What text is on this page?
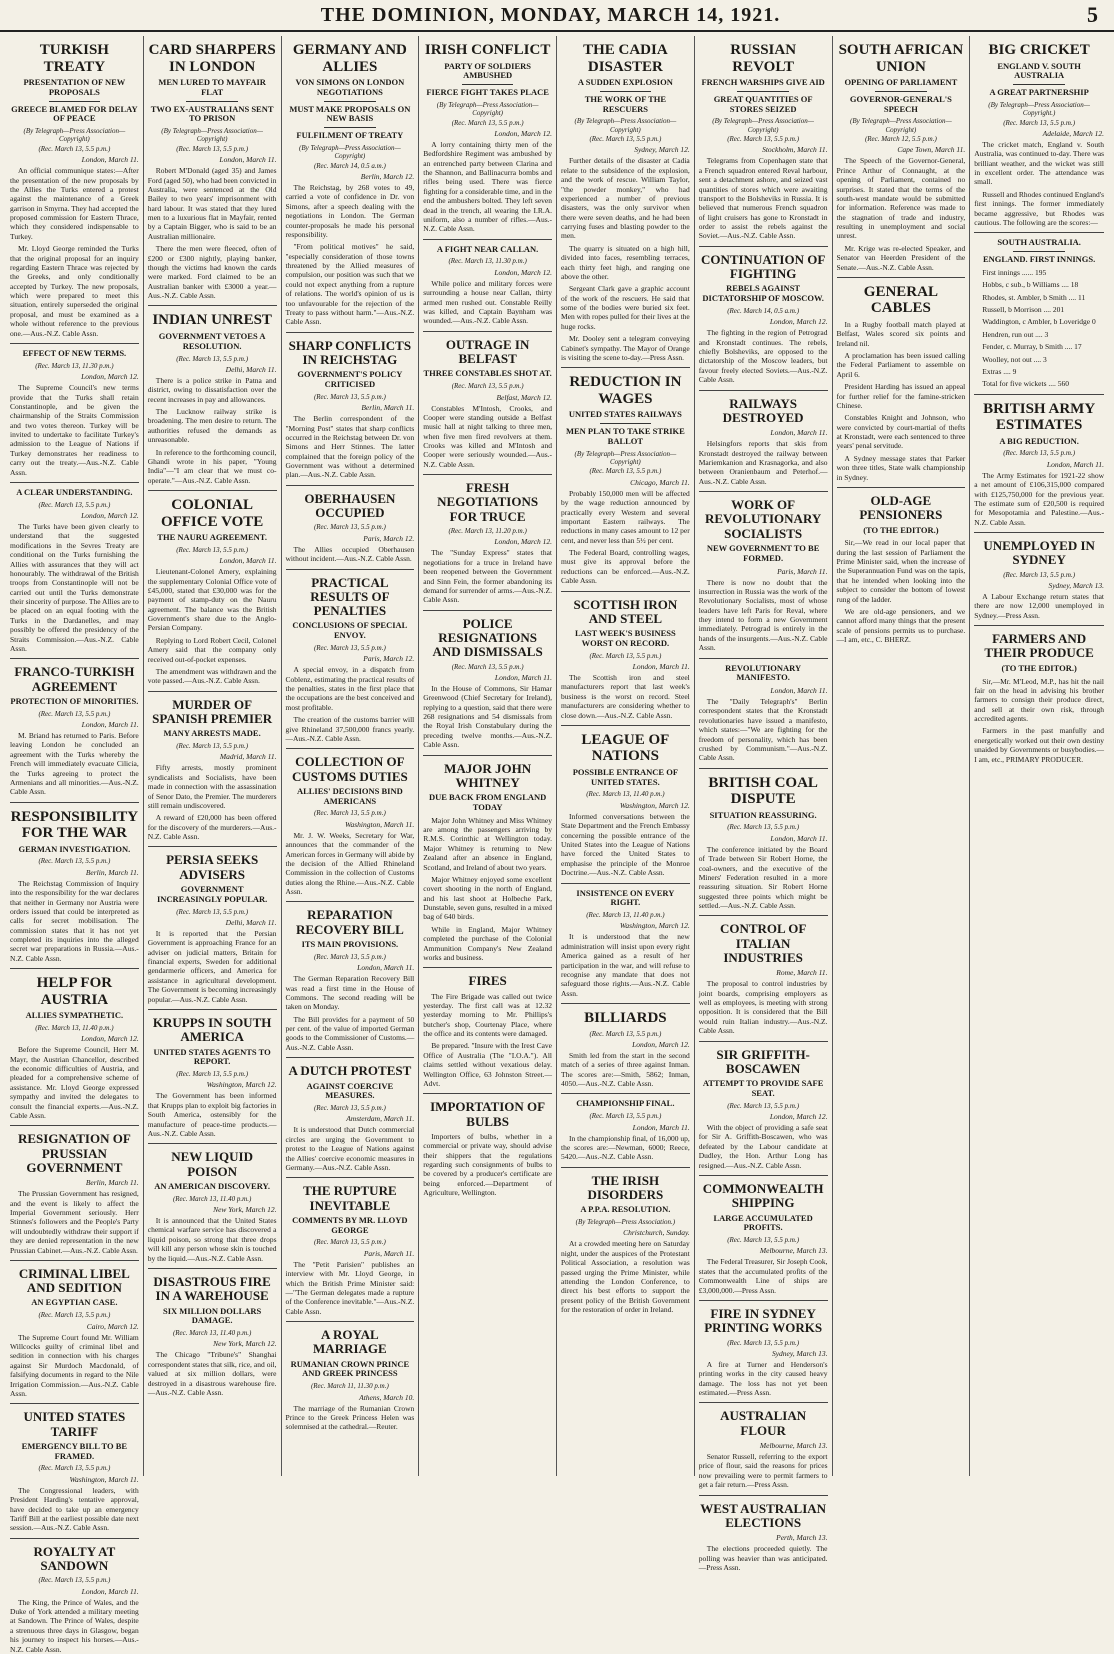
THE DOMINION, MONDAY, MARCH 14, 1921.	5
TURKISH TREATY
PRESENTATION OF NEW PROPOSALS
GREECE BLAMED FOR DELAY OF PEACE
(By Telegraph—Press Association—Copyright)
(Rec. March 13, 5.5 p.m.)
London, March 11.

An official communique states:—After the presentation of the new proposals by the Allies the Turks entered a protest against the maintenance of a Greek garrison in Smyrna. They had accepted the proposed commission for Eastern Thrace, which they considered indispensable to Turkey.

Mr. Lloyd George reminded the Turks that the original proposal for an inquiry regarding Eastern Thrace was rejected by the Greeks, and only conditionally accepted by Turkey. The new proposals, which were prepared to meet this situation, entirely superseded the original proposal, and must be examined as a whole without reference to the previous one.—Aus.-N.Z. Cable Assn.

EFFECT OF NEW TERMS.
(Rec. March 13, 11.30 p.m.)
London, March 12.

The Supreme Council's new terms provide that the Turks shall retain Constantinople, and be given the chairmanship of the Straits Commission and two votes thereon. Turkey will be invited to undertake to facilitate Turkey's admission to the League of Nations if Turkey demonstrates her readiness to carry out the treaty.—Aus.-N.Z. Cable Assn.

A CLEAR UNDERSTANDING.
(Rec. March 13, 5.5 p.m.)
London, March 12.

The Turks have been given clearly to understand that the suggested modifications in the Sevres Treaty are conditional on the Turks furnishing the Allies with assurances that they will act honourably. The withdrawal of the British troops from Constantinople will not be carried out until the Turks demonstrate their sincerity of purpose. The Allies are to be placed on an equal footing with the Turks in the Dardanelles, and may possibly be offered the presidency of the Straits Commission.—Aus.-N.Z. Cable Assn.

FRANCO-TURKISH AGREEMENT
PROTECTION OF MINORITIES.
(Rec. March 13, 5.5 p.m.)
London, March 11.

M. Briand has returned to Paris. Before leaving London he concluded an agreement with the Turks whereby the French will immediately evacuate Cilicia, the Turks agreeing to protect the Armenians and all minorities.—Aus.-N.Z. Cable Assn.

RESPONSIBILITY FOR THE WAR
GERMAN INVESTIGATION.
(Rec. March 13, 5.5 p.m.)
Berlin, March 11.

The Reichstag Commission of Inquiry into the responsibility for the war declares that neither in Germany nor Austria were orders issued that could be interpreted as calls for secret mobilisation. The commission states that it has not yet completed its inquiries into the alleged secret war preparations in Russia.—Aus.-N.Z. Cable Assn.

HELP FOR AUSTRIA
ALLIES SYMPATHETIC.
(Rec. March 13, 11.40 p.m.)
London, March 12.

Before the Supreme Council, Herr M. Mayr, the Austrian Chancellor, described the economic difficulties of Austria, and pleaded for a comprehensive scheme of assistance. Mr. Lloyd George expressed sympathy and invited the delegates to consult the financial experts.—Aus.-N.Z. Cable Assn.

RESIGNATION OF PRUSSIAN GOVERNMENT
Berlin, March 11.

The Prussian Government has resigned, and the event is likely to affect the Imperial Government seriously. Herr Stinnes's followers and the People's Party will undoubtedly withdraw their support if they are denied representation in the new Prussian Cabinet.—Aus.-N.Z. Cable Assn.

CRIMINAL LIBEL AND SEDITION
AN EGYPTIAN CASE.
(Rec. March 13, 5.5 p.m.)
Cairo, March 12.

The Supreme Court found Mr. William Willcocks guilty of criminal libel and sedition in connection with his charges against Sir Murdoch Macdonald, of falsifying documents in regard to the Nile Irrigation Commission.—Aus.-N.Z. Cable Assn.

UNITED STATES TARIFF
EMERGENCY BILL TO BE FRAMED.
(Rec. March 13, 5.5 p.m.)
Washington, March 11.

The Congressional leaders, with President Harding's tentative approval, have decided to take up an emergency Tariff Bill at the earliest possible date next session.—Aus.-N.Z. Cable Assn.

ROYALTY AT SANDOWN
(Rec. March 13, 5.5 p.m.)
London, March 11.

The King, the Prince of Wales, and the Duke of York attended a military meeting at Sandown. The Prince of Wales, despite a strenuous three days in Glasgow, began his journey to inspect his horses.—Aus.-N.Z. Cable Assn.

CARD SHARPERS IN LONDON
MEN LURED TO MAYFAIR FLAT
TWO EX-AUSTRALIANS SENT TO PRISON
(By Telegraph—Press Association—Copyright)
(Rec. March 13, 5.5 p.m.)
London, March 11.

Robert M'Donald (aged 35) and James Ford (aged 50), who had been convicted in Australia, were sentenced at the Old Bailey to two years' imprisonment with hard labour. It was stated that they lured men to a luxurious flat in Mayfair, rented by a Captain Bigger, who is said to be an Australian millionaire.

There the men were fleeced, often of £200 or £300 nightly, playing banker, though the victims had known the cards were marked. Ford claimed to be an Australian banker with £3000 a year.—Aus.-N.Z. Cable Assn.

INDIAN UNREST
GOVERNMENT VETOES A RESOLUTION.
(Rec. March 13, 5.5 p.m.)
Delhi, March 11.

There is a police strike in Patna and district, owing to dissatisfaction over the recent increases in pay and allowances.

The Lucknow railway strike is broadening. The men desire to return. The authorities refused the demands as unreasonable.

In reference to the forthcoming council, Ghandi wrote in his paper, "Young India"—"I am clear that we must co-operate."—Aus.-N.Z. Cable Assn.

COLONIAL OFFICE VOTE
THE NAURU AGREEMENT.
(Rec. March 13, 5.5 p.m.)
London, March 11.

Lieutenant-Colonel Amery, explaining the supplementary Colonial Office vote of £45,000, stated that £30,000 was for the payment of stamp-duty on the Nauru agreement. The balance was the British Government's share due to the Anglo-Persian Company.

Replying to Lord Robert Cecil, Colonel Amery said that the company only received out-of-pocket expenses.

The amendment was withdrawn and the vote passed.—Aus.-N.Z. Cable Assn.

MURDER OF SPANISH PREMIER
MANY ARRESTS MADE.
(Rec. March 13, 5.5 p.m.)
Madrid, March 11.

Fifty arrests, mostly prominent syndicalists and Socialists, have been made in connection with the assassination of Senor Dato, the Premier. The murderers still remain undiscovered.

A reward of £20,000 has been offered for the discovery of the murderers.—Aus.-N.Z. Cable Assn.

PERSIA SEEKS ADVISERS
GOVERNMENT INCREASINGLY POPULAR.
(Rec. March 13, 5.5 p.m.)
Delhi, March 11.

It is reported that the Persian Government is approaching France for an adviser on judicial matters, Britain for financial experts, Sweden for additional gendarmerie officers, and America for assistance in agricultural development. The Government is becoming increasingly popular.—Aus.-N.Z. Cable Assn.

KRUPPS IN SOUTH AMERICA
UNITED STATES AGENTS TO REPORT.
(Rec. March 13, 5.5 p.m.)
Washington, March 12.

The Government has been informed that Krupps plan to exploit big factories in South America, ostensibly for the manufacture of peace-time products.—Aus.-N.Z. Cable Assn.

NEW LIQUID POISON
AN AMERICAN DISCOVERY.
(Rec. March 13, 11.40 p.m.)
New York, March 12.

It is announced that the United States chemical warfare service has discovered a liquid poison, so strong that three drops will kill any person whose skin is touched by the liquid.—Aus.-N.Z. Cable Assn.

DISASTROUS FIRE IN A WAREHOUSE
SIX MILLION DOLLARS DAMAGE.
(Rec. March 13, 11.40 p.m.)
New York, March 12.

The Chicago "Tribune's" Shanghai correspondent states that silk, rice, and oil, valued at six million dollars, were destroyed in a disastrous warehouse fire. —Aus.-N.Z. Cable Assn.

GERMANY AND ALLIES
VON SIMONS ON LONDON NEGOTIATIONS
MUST MAKE PROPOSALS ON NEW BASIS
FULFILMENT OF TREATY
(By Telegraph—Press Association—Copyright)
(Rec. March 14, 0.5 a.m.)
Berlin, March 12.

The Reichstag, by 268 votes to 49, carried a vote of confidence in Dr. von Simons, after a speech dealing with the negotiations in London. The German counter-proposals he made his personal responsibility.

"From political motives" he said, "especially consideration of those towns threatened by the Allied measures of compulsion, our position was such that we could not expect anything from a rupture of relations. The world's opinion of us is too unfavourable for the rejection of the Treaty to pass without harm."—Aus.-N.Z. Cable Assn.

SHARP CONFLICTS IN REICHSTAG
GOVERNMENT'S POLICY CRITICISED
(Rec. March 13, 5.5 p.m.)
Berlin, March 11.

The Berlin correspondent of the "Morning Post" states that sharp conflicts occurred in the Reichstag between Dr. von Simons and Herr Stinnes. The latter complained that the foreign policy of the Government was without a determined plan.—Aus.-N.Z. Cable Assn.

OBERHAUSEN OCCUPIED
(Rec. March 13, 5.5 p.m.)
Paris, March 12.

The Allies occupied Oberhausen without incident.—Aus.-N.Z. Cable Assn.

PRACTICAL RESULTS OF PENALTIES
CONCLUSIONS OF SPECIAL ENVOY.
(Rec. March 13, 5.5 p.m.)
Paris, March 12.

A special envoy, in a dispatch from Coblenz, estimating the practical results of the penalties, states in the first place that the occupations are the best conceived and most profitable.

The creation of the customs barrier will give Rhineland 37,500,000 francs yearly.—Aus.-N.Z. Cable Assn.

COLLECTION OF CUSTOMS DUTIES
ALLIES' DECISIONS BIND AMERICANS
(Rec. March 13, 5.5 p.m.)
Washington, March 11.

Mr. J. W. Weeks, Secretary for War, announces that the commander of the American forces in Germany will abide by the decision of the Allied Rhineland Commission in the collection of Customs duties along the Rhine.—Aus.-N.Z. Cable Assn.

REPARATION RECOVERY BILL
ITS MAIN PROVISIONS.
(Rec. March 13, 5.5 p.m.)
London, March 11.

The German Reparation Recovery Bill was read a first time in the House of Commons. The second reading will be taken on Monday.

The Bill provides for a payment of 50 per cent. of the value of imported German goods to the Commissioner of Customs.—Aus.-N.Z. Cable Assn.

A DUTCH PROTEST
AGAINST COERCIVE MEASURES.
(Rec. March 13, 5.5 p.m.)
Amsterdam, March 11.

It is understood that Dutch commercial circles are urging the Government to protest to the League of Nations against the Allies' coercive economic measures in Germany.—Aus.-N.Z. Cable Assn.

THE RUPTURE INEVITABLE
COMMENTS BY MR. LLOYD GEORGE
(Rec. March 13, 5.5 p.m.)
Paris, March 11.

The "Petit Parisien" publishes an interview with Mr. Lloyd George, in which the British Prime Minister said:—"The German delegates made a rupture of the Conference inevitable."—Aus.-N.Z. Cable Assn.

A ROYAL MARRIAGE
RUMANIAN CROWN PRINCE AND GREEK PRINCESS
(Rec. March 11, 11.30 p.m.)
Athens, March 10.

The marriage of the Rumanian Crown Prince to the Greek Princess Helen was solemnised at the cathedral.—Reuter.

IRISH CONFLICT
PARTY OF SOLDIERS AMBUSHED
FIERCE FIGHT TAKES PLACE
(By Telegraph—Press Association—Copyright)
(Rec. March 13, 5.5 p.m.)
London, March 12.

A lorry containing thirty men of the Bedfordshire Regiment was ambushed by an entrenched party between Clarina and the Shannon, and Ballinacurra bombs and rifles being used. There was fierce fighting for a considerable time, and in the end the ambushers bolted. They left seven dead in the trench, all wearing the I.R.A. uniform, also a number of rifles.—Aus.-N.Z. Cable Assn.

A FIGHT NEAR CALLAN.
(Rec. March 13, 11.30 p.m.)
London, March 12.

While police and military forces were surrounding a house near Callan, thirty armed men rushed out. Constable Reilly was killed, and Captain Baynham was wounded.—Aus.-N.Z. Cable Assn.

OUTRAGE IN BELFAST
THREE CONSTABLES SHOT AT.
(Rec. March 13, 5.5 p.m.)
Belfast, March 12.

Constables M'Intosh, Crooks, and Cooper were standing outside a Belfast music hall at night talking to three men, when five men fired revolvers at them. Crooks was killed and M'Intosh and Cooper were seriously wounded.—Aus.-N.Z. Cable Assn.

FRESH NEGOTIATIONS FOR TRUCE
(Rec. March 13, 11.20 p.m.)
London, March 12.

The "Sunday Express" states that negotiations for a truce in Ireland have been reopened between the Government and Sinn Fein, the former abandoning its demand for surrender of arms.—Aus.-N.Z. Cable Assn.

POLICE RESIGNATIONS AND DISMISSALS
(Rec. March 13, 5.5 p.m.)
London, March 11.

In the House of Commons, Sir Hamar Greenwood (Chief Secretary for Ireland), replying to a question, said that there were 268 resignations and 54 dismissals from the Royal Irish Constabulary during the preceding twelve months.—Aus.-N.Z. Cable Assn.

MAJOR JOHN WHITNEY
DUE BACK FROM ENGLAND TODAY

Major John Whitney and Miss Whitney are among the passengers arriving by R.M.S. Corinthic at Wellington today. Major Whitney is returning to New Zealand after an absence in England, Scotland, and Ireland of about two years.

Major Whitney enjoyed some excellent covert shooting in the north of England, and his last shoot at Holbeche Park, Dunstable, seven guns, resulted in a mixed bag of 640 birds.

While in England, Major Whitney completed the purchase of the Colonial Ammunition Company's New Zealand works and business.

FIRES

The Fire Brigade was called out twice yesterday. The first call was at 12.32 yesterday morning to Mr. Phillips's butcher's shop, Courtenay Place, where the office and its contents were damaged.

Be prepared. "Insure with the Irest Cave Office of Australia (The "I.O.A."). All claims settled without vexatious delay. Wellington Office, 63 Johnston Street.—Advt.

IMPORTATION OF BULBS

Importers of bulbs, whether in a commercial or private way, should advise their shippers that the regulations regarding such consignments of bulbs to be covered by a producer's certificate are being enforced.—Department of Agriculture, Wellington.

THE CADIA DISASTER
A SUDDEN EXPLOSION
THE WORK OF THE RESCUERS
(By Telegraph—Press Association—Copyright)
(Rec. March 13, 5.5 p.m.)
Sydney, March 12.

Further details of the disaster at Cadia relate to the subsidence of the explosion, and the work of rescue. William Taylor, "the powder monkey," who had experienced a number of previous disasters, was the only survivor when there were seven deaths, and he had been carrying fuses and blasting powder to the men.

The quarry is situated on a high hill, divided into faces, resembling terraces, each thirty feet high, and ranging one above the other.

Sergeant Clark gave a graphic account of the work of the rescuers. He said that some of the bodies were buried six feet. Men with ropes pulled for their lives at the huge rocks.

Mr. Dooley sent a telegram conveying Cabinet's sympathy. The Mayor of Orange is visiting the scene to-day.—Press Assn.

REDUCTION IN WAGES
UNITED STATES RAILWAYS
MEN PLAN TO TAKE STRIKE BALLOT
(By Telegraph—Press Association—Copyright)
(Rec. March 13, 5.5 p.m.)
Chicago, March 11.

Probably 150,000 men will be affected by the wage reduction announced by practically every Western and several important Eastern railways. The reductions in many cases amount to 12 per cent, and never less than 5½ per cent.

The Federal Board, controlling wages, must give its approval before the reductions can be enforced.—Aus.-N.Z. Cable Assn.

SCOTTISH IRON AND STEEL
LAST WEEK'S BUSINESS WORST ON RECORD.
(Rec. March 13, 5.5 p.m.)
London, March 11.

The Scottish iron and steel manufacturers report that last week's business is the worst on record. Steel manufacturers are considering whether to close down.—Aus.-N.Z. Cable Assn.

LEAGUE OF NATIONS
POSSIBLE ENTRANCE OF UNITED STATES.
(Rec. March 13, 11.40 p.m.)
Washington, March 12.

Informed conversations between the State Department and the French Embassy concerning the possible entrance of the United States into the League of Nations have forced the United States to emphasise the principle of the Monroe Doctrine.—Aus.-N.Z. Cable Assn.

INSISTENCE ON EVERY RIGHT.
(Rec. March 13, 11.40 p.m.)
Washington, March 12.

It is understood that the new administration will insist upon every right America gained as a result of her participation in the war, and will refuse to recognise any mandate that does not safeguard those rights.—Aus.-N.Z. Cable Assn.

BILLIARDS
(Rec. March 13, 5.5 p.m.)
London, March 12.

Smith led from the start in the second match of a series of three against Inman. The scores are:—Smith, 5862; Inman, 4050.—Aus.-N.Z. Cable Assn.

CHAMPIONSHIP FINAL.
(Rec. March 13, 5.5 p.m.)
London, March 11.

In the championship final, of 16,000 up, the scores are:—Newman, 6000; Reece, 5420.—Aus.-N.Z. Cable Assn.

THE IRISH DISORDERS
A P.P.A. RESOLUTION.
(By Telegraph—Press Association.)
Christchurch, Sunday.

At a crowded meeting here on Saturday night, under the auspices of the Protestant Political Association, a resolution was passed urging the Prime Minister, while attending the London Conference, to direct his best efforts to support the present policy of the British Government for the restoration of order in Ireland.

RUSSIAN REVOLT
FRENCH WARSHIPS GIVE AID
GREAT QUANTITIES OF STORES SEIZED
(By Telegraph—Press Association—Copyright)
(Rec. March 13, 5.5 p.m.)
Stockholm, March 11.

Telegrams from Copenhagen state that a French squadron entered Reval harbour, sent a detachment ashore, and seized vast quantities of stores which were awaiting transport to the Bolsheviks in Russia. It is believed that numerous French squadron of light cruisers has gone to Kronstadt in order to assist the rebels against the Soviet.—Aus.-N.Z. Cable Assn.

CONTINUATION OF FIGHTING
REBELS AGAINST DICTATORSHIP OF MOSCOW.
(Rec. March 14, 0.5 a.m.)
London, March 12.

The fighting in the region of Petrograd and Kronstadt continues. The rebels, chiefly Bolsheviks, are opposed to the dictatorship of the Moscow leaders, but favour freely elected Soviets.—Aus.-N.Z. Cable Assn.

RAILWAYS DESTROYED
London, March 11.

Helsingfors reports that skis from Kronstadt destroyed the railway between Mariemkanion and Krasnagorka, and also between Oranienbaum and Peterhof.—Aus.-N.Z. Cable Assn.

WORK OF REVOLUTIONARY SOCIALISTS
NEW GOVERNMENT TO BE FORMED.
Paris, March 11.

There is now no doubt that the insurrection in Russia was the work of the Revolutionary Socialists, most of whose leaders have left Paris for Reval, where they intend to form a new Government immediately. Petrograd is entirely in the hands of the insurgents.—Aus.-N.Z. Cable Assn.

REVOLUTIONARY MANIFESTO.
London, March 11.

The "Daily Telegraph's" Berlin correspondent states that the Kronstadt revolutionaries have issued a manifesto, which states:—"We are fighting for the freedom of personality, which has been crushed by Communism."—Aus.-N.Z. Cable Assn.

BRITISH COAL DISPUTE
SITUATION REASSURING.
(Rec. March 13, 5.5 p.m.)
London, March 11.

The conference initiated by the Board of Trade between Sir Robert Horne, the coal-owners, and the executive of the Miners' Federation resulted in a more reassuring situation. Sir Robert Horne suggested three points which might be settled.—Aus.-N.Z. Cable Assn.

CONTROL OF ITALIAN INDUSTRIES
Rome, March 11.

The proposal to control industries by joint boards, comprising employers as well as employees, is meeting with strong opposition. It is considered that the Bill would ruin Italian industry.—Aus.-N.Z. Cable Assn.

SIR GRIFFITH-BOSCAWEN
ATTEMPT TO PROVIDE SAFE SEAT.
(Rec. March 13, 5.5 p.m.)
London, March 12.

With the object of providing a safe seat for Sir A. Griffith-Boscawen, who was defeated by the Labour candidate at Dudley, the Hon. Arthur Long has resigned.—Aus.-N.Z. Cable Assn.

COMMONWEALTH SHIPPING
LARGE ACCUMULATED PROFITS.
(Rec. March 13, 5.5 p.m.)
Melbourne, March 13.

The Federal Treasurer, Sir Joseph Cook, states that the accumulated profits of the Commonwealth Line of ships are £3,000,000.—Press Assn.

FIRE IN SYDNEY PRINTING WORKS
(Rec. March 13, 5.5 p.m.)
Sydney, March 13.

A fire at Turner and Henderson's printing works in the city caused heavy damage. The loss has not yet been estimated.—Press Assn.

AUSTRALIAN FLOUR
Melbourne, March 13.

Senator Russell, referring to the export price of flour, said the reasons for prices now prevailing were to permit farmers to get a fair return.—Press Assn.

WEST AUSTRALIAN ELECTIONS
Perth, March 13.

The elections proceeded quietly. The polling was heavier than was anticipated.—Press Assn.

SOUTH AFRICAN UNION
OPENING OF PARLIAMENT
GOVERNOR-GENERAL'S SPEECH
(By Telegraph—Press Association—Copyright)
(Rec. March 12, 5.5 p.m.)
Cape Town, March 11.

The Speech of the Governor-General, Prince Arthur of Connaught, at the opening of Parliament, contained no surprises. It stated that the terms of the south-west mandate would be submitted for information. Reference was made to the stagnation of trade and industry, resulting in unemployment and social unrest.

Mr. Krige was re-elected Speaker, and Senator van Heerden President of the Senate.—Aus.-N.Z. Cable Assn.

GENERAL CABLES

In a Rugby football match played at Belfast, Wales scored six points and Ireland nil.

A proclamation has been issued calling the Federal Parliament to assemble on April 6.

President Harding has issued an appeal for further relief for the famine-stricken Chinese.

Constables Knight and Johnson, who were convicted by court-martial of thefts at Kronstadt, were each sentenced to three years' penal servitude.

A Sydney message states that Parker won three titles, State walk championship in Sydney.

OLD-AGE PENSIONERS
(TO THE EDITOR.)

Sir,—We read in our local paper that during the last session of Parliament the Prime Minister said, when the increase of the Superannuation Fund was on the tapis, that he intended when looking into the subject to consider the bottom of lowest rung of the ladder.

We are old-age pensioners, and we cannot afford many things that the present scale of pensions permits us to purchase.—I am, etc., C. BHERZ.

BIG CRICKET
ENGLAND V. SOUTH AUSTRALIA
A GREAT PARTNERSHIP
(By Telegraph—Press Association—Copyright.)
(Rec. March 13, 5.5 p.m.)
Adelaide, March 12.

The cricket match, England v. South Australia, was continued to-day. There was brilliant weather, and the wicket was still in excellent order. The attendance was small.

Russell and Rhodes continued England's first innings. The former immediately became aggressive, but Rhodes was cautious. The following are the scores:—

SOUTH AUSTRALIA.
ENGLAND. FIRST INNINGS.

First innings ...... 195

Hobbs, c sub., b Williams .... 18

Rhodes, st. Ambler, b Smith .... 11

Russell, b Morrison .... 201

Waddington, c Ambler, b Loveridge 0

Hendren, run out .... 3

Fender, c. Murray, b Smith .... 17

Woolley, not out .... 3

Extras .... 9

Total for five wickets .... 560

BRITISH ARMY ESTIMATES
A BIG REDUCTION.
(Rec. March 13, 5.5 p.m.)
London, March 11.

The Army Estimates for 1921-22 show a net amount of £106,315,000 compared with £125,750,000 for the previous year. The estimate sum of £20,500 is required for Mesopotamia and Palestine.—Aus.-N.Z. Cable Assn.

UNEMPLOYED IN SYDNEY
(Rec. March 13, 5.5 p.m.)
Sydney, March 13.

A Labour Exchange return states that there are now 12,000 unemployed in Sydney.—Press Assn.

FARMERS AND THEIR PRODUCE
(TO THE EDITOR.)

Sir,—Mr. M'Leod, M.P., has hit the nail fair on the head in advising his brother farmers to consign their produce direct, and sell at their own risk, through accredited agents.

Farmers in the past manfully and energetically worked out their own destiny unaided by Governments or busybodies.—I am, etc., PRIMARY PRODUCER.
